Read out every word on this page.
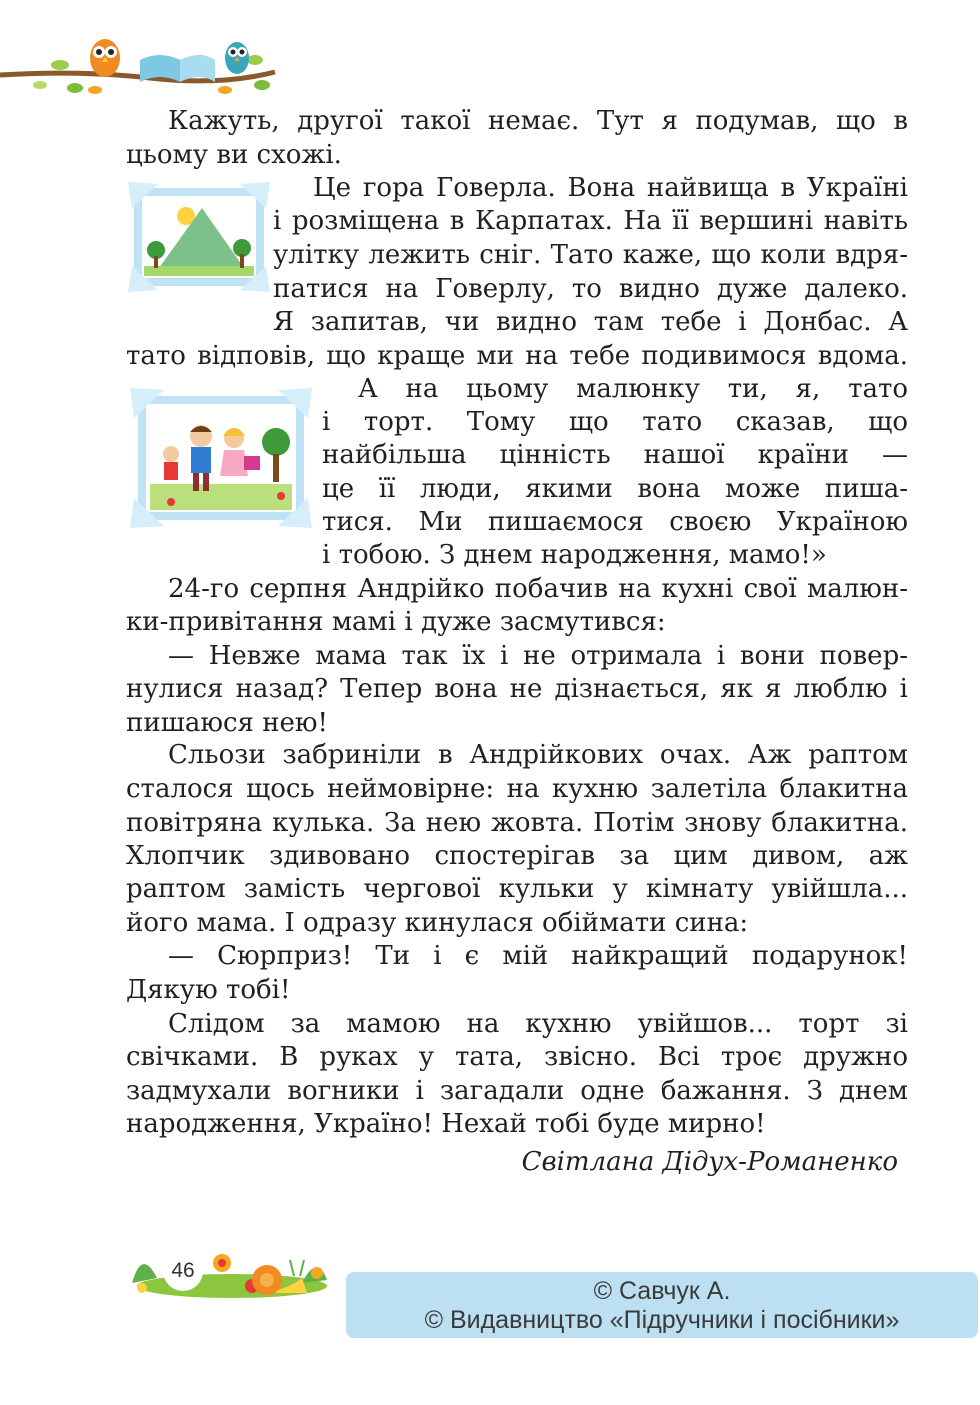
Кажуть, другої такої немає. Тут я подумав, що в
цьому ви схожі.
Це гора Говерла. Вона найвища в Україні
і розміщена в Карпатах. На її вершині навіть
улітку лежить сніг. Тато каже, що коли вдря-
патися на Говерлу, то видно дуже далеко.
Я запитав, чи видно там тебе і Донбас. А
тато відповів, що краще ми на тебе подивимося вдома.
А на цьому малюнку ти, я, тато
і торт. Тому що тато сказав, що
найбільша цінність нашої країни —
це її люди, якими вона може пиша-
тися. Ми пишаємося своєю Україною
і тобою. З днем народження, мамо!»
24-го серпня Андрійко побачив на кухні свої малюн-
ки-привітання мамі і дуже засмутився:
— Невже мама так їх і не отримала і вони повер-
нулися назад? Тепер вона не дізнається, як я люблю і
пишаюся нею!
Сльози забриніли в Андрійкових очах. Аж раптом
сталося щось неймовірне: на кухню залетіла блакитна
повітряна кулька. За нею жовта. Потім знову блакитна.
Хлопчик здивовано спостерігав за цим дивом, аж
раптом замість чергової кульки у кімнату увійшла...
його мама. І одразу кинулася обіймати сина:
— Сюрприз! Ти і є мій найкращий подарунок!
Дякую тобі!
Слідом за мамою на кухню увійшов... торт зі
свічками. В руках у тата, звісно. Всі троє дружно
задмухали вогники і загадали одне бажання. З днем
народження, Україно! Нехай тобі буде мирно!
Світлана Дідух-Романенко
46
© Савчук А.
© Видавництво «Підручники і посібники»
